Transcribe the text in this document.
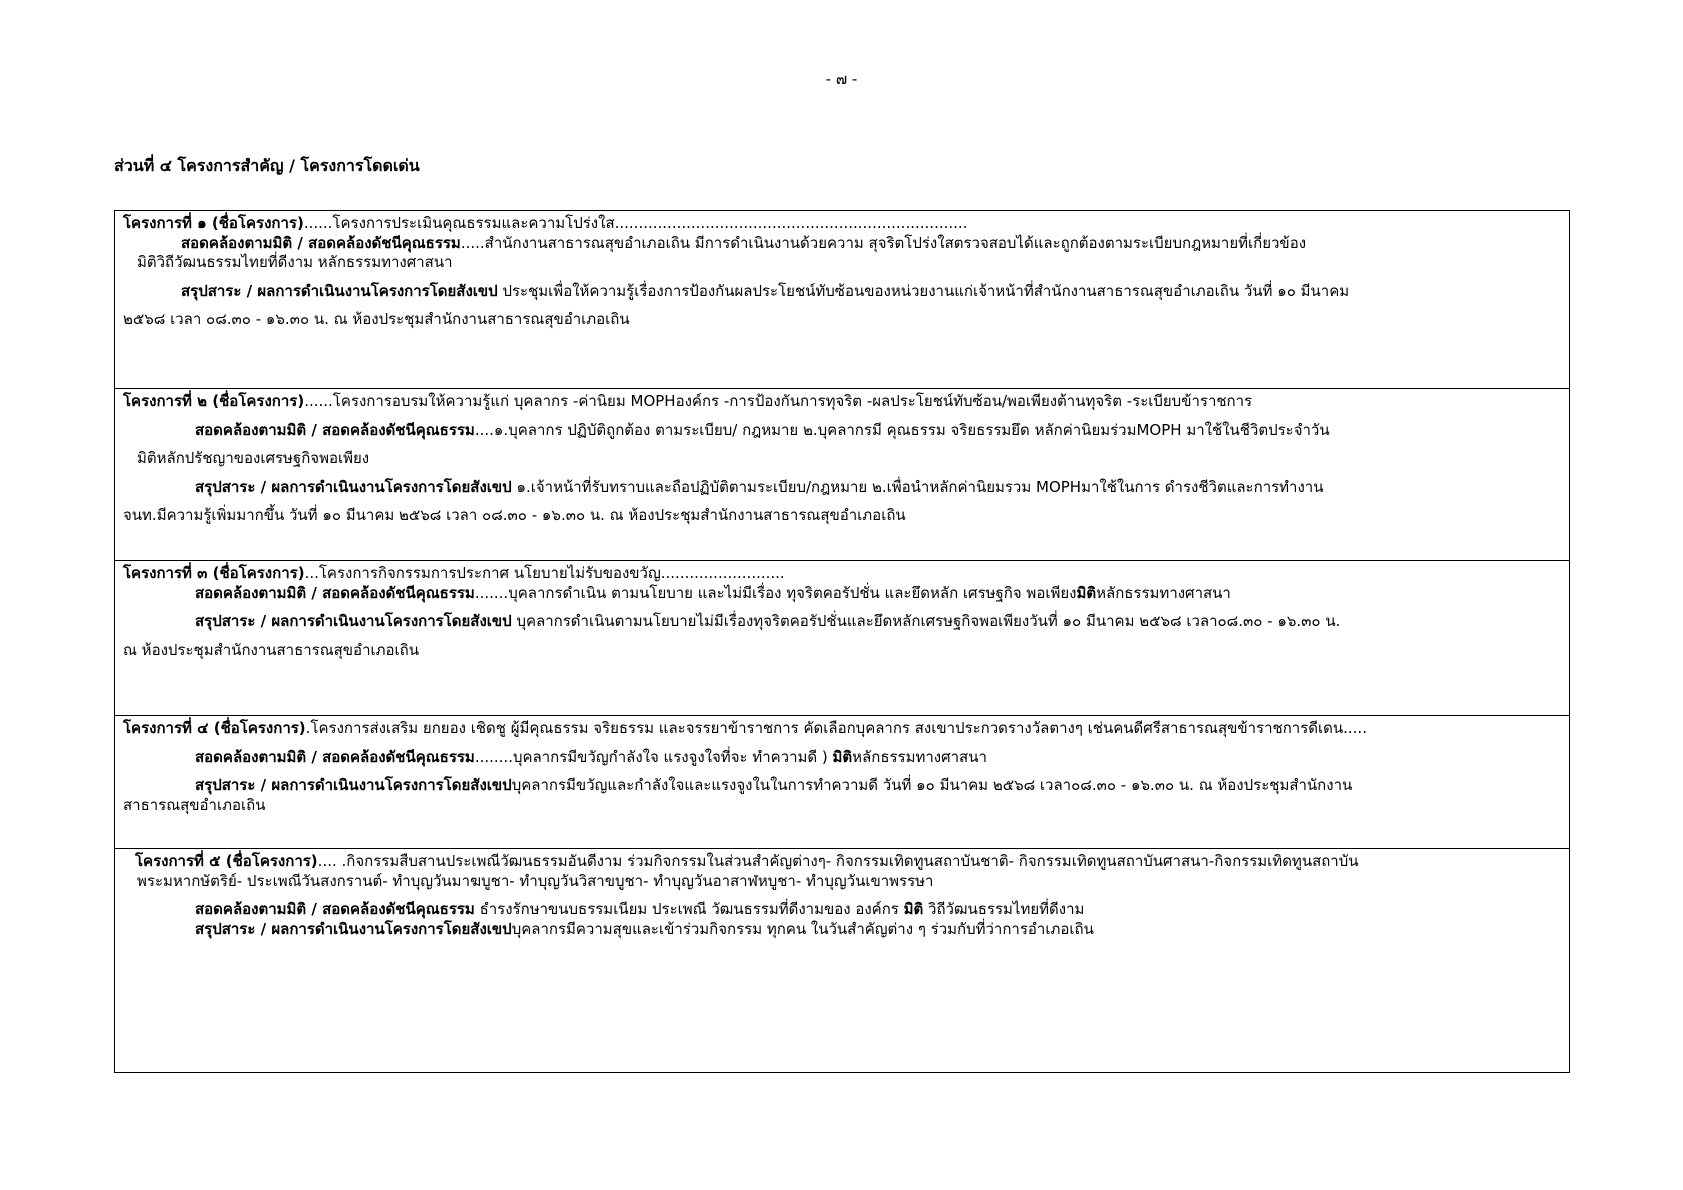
- ๗ -
ส่วนที่ ๔ โครงการสำคัญ / โครงการโดดเด่น

โครงการที่ ๑ (ชื่อโครงการ)......โครงการประเมินคุณธรรมและความโปร่งใส..........................................................................

สอดคล้องตามมิติ / สอดคล้องดัชนีคุณธรรม.....สำนักงานสาธารณสุขอำเภอเถิน มีการดำเนินงานด้วยความ สุจริตโปร่งใสตรวจสอบได้และถูกต้องตามระเบียบกฎหมายที่เกี่ยวข้อง

มิติวิถีวัฒนธรรมไทยที่ดีงาม หลักธรรมทางศาสนา

สรุปสาระ / ผลการดำเนินงานโครงการโดยสังเขป ประชุมเพื่อให้ความรู้เรื่องการป้องกันผลประโยชน์ทับซ้อนของหน่วยงานแก่เจ้าหน้าที่สำนักงานสาธารณสุขอำเภอเถิน วันที่ ๑๐ มีนาคม

๒๕๖๘ เวลา ๐๘.๓๐ - ๑๖.๓๐ น. ณ ห้องประชุมสำนักงานสาธารณสุขอำเภอเถิน

โครงการที่ ๒ (ชื่อโครงการ)......โครงการอบรมให้ความรู้แก่ บุคลากร -ค่านิยม MOPHองค์กร -การป้องกันการทุจริต -ผลประโยชน์ทับซ้อน/พอเพียงต้านทุจริต -ระเบียบข้าราชการ

สอดคล้องตามมิติ / สอดคล้องดัชนีคุณธรรม....๑.บุคลากร ปฏิบัติถูกต้อง ตามระเบียบ/ กฎหมาย ๒.บุคลากรมี คุณธรรม จริยธรรมยึด หลักค่านิยมร่วมMOPH มาใช้ในชีวิตประจำวัน

มิติหลักปรัชญาของเศรษฐกิจพอเพียง

สรุปสาระ / ผลการดำเนินงานโครงการโดยสังเขป ๑.เจ้าหน้าที่รับทราบและถือปฏิบัติตามระเบียบ/กฎหมาย ๒.เพื่อนำหลักค่านิยมรวม MOPHมาใช้ในการ ดำรงชีวิตและการทำงาน

จนท.มีความรู้เพิ่มมากขึ้น วันที่ ๑๐ มีนาคม ๒๕๖๘ เวลา ๐๘.๓๐ - ๑๖.๓๐ น. ณ ห้องประชุมสำนักงานสาธารณสุขอำเภอเถิน

โครงการที่ ๓ (ชื่อโครงการ)...โครงการกิจกรรมการประกาศ นโยบายไม่รับของขวัญ..........................

สอดคล้องตามมิติ / สอดคล้องดัชนีคุณธรรม.......บุคลากรดำเนิน ตามนโยบาย และไม่มีเรื่อง ทุจริตคอรัปชั่น และยึดหลัก เศรษฐกิจ พอเพียงมิติหลักธรรมทางศาสนา

สรุปสาระ / ผลการดำเนินงานโครงการโดยสังเขป บุคลากรดำเนินตามนโยบายไม่มีเรื่องทุจริตคอรัปชั่นและยึดหลักเศรษฐกิจพอเพียงวันที่ ๑๐ มีนาคม ๒๕๖๘ เวลา๐๘.๓๐ - ๑๖.๓๐ น.

ณ ห้องประชุมสำนักงานสาธารณสุขอำเภอเถิน

โครงการที่ ๔ (ชื่อโครงการ).โครงการส่งเสริม ยกยอง เชิดชู ผู้มีคุณธรรม จริยธรรม และจรรยาข้าราชการ คัดเลือกบุคลากร สงเขาประกวดรางวัลตางๆ เช่นคนดีศรีสาธารณสุขข้าราชการดีเดน.....

สอดคล้องตามมิติ / สอดคล้องดัชนีคุณธรรม........บุคลากรมีขวัญกำลังใจ แรงจูงใจที่จะ ทำความดี ) มิติหลักธรรมทางศาสนา

สรุปสาระ / ผลการดำเนินงานโครงการโดยสังเขปบุคลากรมีขวัญและกำลังใจและแรงจูงในในการทำความดี วันที่ ๑๐ มีนาคม ๒๕๖๘ เวลา๐๘.๓๐ - ๑๖.๓๐ น. ณ ห้องประชุมสำนักงาน

สาธารณสุขอำเภอเถิน

โครงการที่ ๕ (ชื่อโครงการ).... .กิจกรรมสืบสานประเพณีวัฒนธรรมอันดีงาม ร่วมกิจกรรมในส่วนสำคัญต่างๆ- กิจกรรมเทิดทูนสถาบันชาติ- กิจกรรมเทิดทูนสถาบันศาสนา-กิจกรรมเทิดทูนสถาบัน

พระมหากษัตริย์- ประเพณีวันสงกรานต์- ทำบุญวันมาฆบูชา- ทำบุญวันวิสาขบูชา- ทำบุญวันอาสาฬหบูชา- ทำบุญวันเขาพรรษา

สอดคล้องตามมิติ / สอดคล้องดัชนีคุณธรรม ธำรงรักษาขนบธรรมเนียม ประเพณี วัฒนธรรมที่ดีงามของ องค์กร มิติ วิถีวัฒนธรรมไทยที่ดีงาม

สรุปสาระ / ผลการดำเนินงานโครงการโดยสังเขปบุคลากรมีความสุขและเข้าร่วมกิจกรรม ทุกคน ในวันสำคัญต่าง ๆ ร่วมกับที่ว่าการอำเภอเถิน
